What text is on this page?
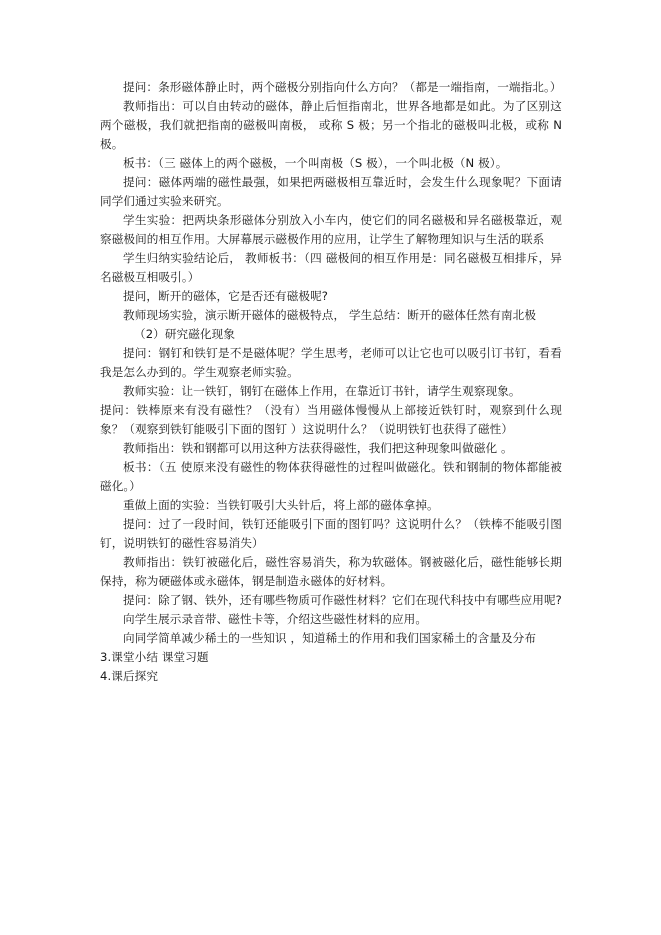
提问：条形磁体静止时，两个磁极分别指向什么方向？（都是一端指南，一端指北。）

教师指出：可以自由转动的磁体，静止后恒指南北，世界各地都是如此。为了区别这两个磁极，我们就把指南的磁极叫南极， 或称 S 极；另一个指北的磁极叫北极，或称 N 极。

板书：（三 磁体上的两个磁极，一个叫南极（S 极），一个叫北极（N 极）。

提问：磁体两端的磁性最强，如果把两磁极相互靠近时，会发生什么现象呢？下面请同学们通过实验来研究。

学生实验：把两块条形磁体分别放入小车内，使它们的同名磁极和异名磁极靠近，观察磁极间的相互作用。大屏幕展示磁极作用的应用，让学生了解物理知识与生活的联系

学生归纳实验结论后， 教师板书：（四 磁极间的相互作用是：同名磁极互相排斥，异名磁极互相吸引。）

提问，断开的磁体，它是否还有磁极呢?

教师现场实验，演示断开磁体的磁极特点， 学生总结：断开的磁体任然有南北极

（2）研究磁化现象

提问：钢钉和铁钉是不是磁体呢？学生思考，老师可以让它也可以吸引订书钉，看看我是怎么办到的。学生观察老师实验。

教师实验：让一铁钉，钢钉在磁体上作用，在靠近订书针，请学生观察现象。

提问：铁棒原来有没有磁性？（没有）当用磁体慢慢从上部接近铁钉时，观察到什么现象？（观察到铁钉能吸引下面的图钉 ）这说明什么？（说明铁钉也获得了磁性）

教师指出：铁和钢都可以用这种方法获得磁性，我们把这种现象叫做磁化 。

板书：（五 使原来没有磁性的物体获得磁性的过程叫做磁化。铁和钢制的物体都能被磁化。）

重做上面的实验：当铁钉吸引大头针后，将上部的磁体拿掉。

提问：过了一段时间，铁钉还能吸引下面的图钉吗？这说明什么？（铁棒不能吸引图钉，说明铁钉的磁性容易消失）

教师指出：铁钉被磁化后，磁性容易消失，称为软磁体。钢被磁化后，磁性能够长期保持，称为硬磁体或永磁体，钢是制造永磁体的好材料。

提问：除了钢、铁外，还有哪些物质可作磁性材料？它们在现代科技中有哪些应用呢?

向学生展示录音带、磁性卡等，介绍这些磁性材料的应用。

向同学简单减少稀土的一些知识 ，知道稀土的作用和我们国家稀土的含量及分布

3.课堂小结 课堂习题

4.课后探究
